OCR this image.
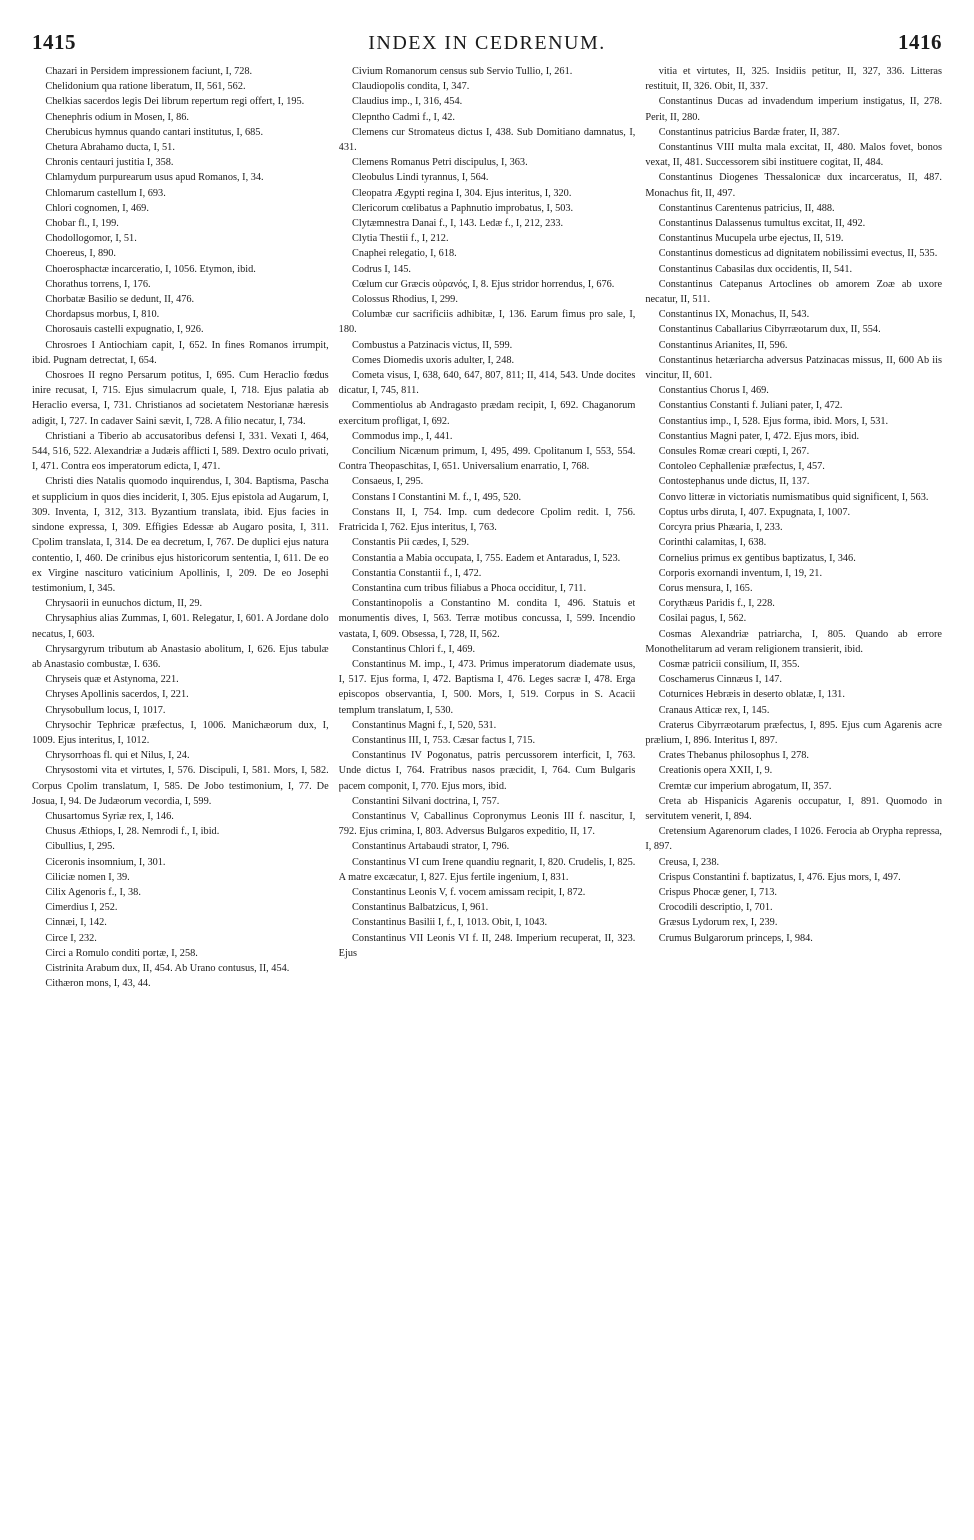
1415	INDEX IN CEDRENUM.	1416

Chazari in Persidem impressionem faciunt, I, 728.

Chelidonium qua ratione liberatum, II, 561, 562.

Chelkias sacerdos legis Dei librum repertum regi offert, I, 195.

Chenephris odium in Mosen, I, 86.

Cherubicus hymnus quando cantari institutus, I, 685.

Chetura Abrahamo ducta, I, 51.

Chronis centauri justitia I, 358.

Chlamydum purpurearum usus apud Romanos, I, 34.

Chlomarum castellum I, 693.

Chlori cognomen, I, 469.

Chobar fl., I, 199.

Chodollogomor, I, 51.

Choereus, I, 890.

Choerosphactæ incarceratio, I, 1056. Etymon, ibid.

Chorathus torrens, I, 176.

Chorbatæ Basilio se dedunt, II, 476.

Chordapsus morbus, I, 810.

Chorosauis castelli expugnatio, I, 926.

Chrosroes I Antiochiam capit, I, 652. In fines Romanos irrumpit, ibid. Pugnam detrectat, I, 654.

Chosroes II regno Persarum potitus, I, 695. Cum Heraclio fœdus inire recusat, I, 715. Ejus simulacrum quale, I, 718. Ejus palatia ab Heraclio eversa, I, 731. Christianos ad societatem Nestorianæ hæresis adigit, I, 727. In cadaver Saini sævit, I, 728. A filio necatur, I, 734.

Christiani a Tiberio ab accusatoribus defensi I, 331. Vexati I, 464, 544, 516, 522. Alexandriæ a Judæis afflicti I, 589. Dextro oculo privati, I, 471. Contra eos imperatorum edicta, I, 471.

Christi dies Natalis quomodo inquirendus, I, 304. Baptisma, Pascha et supplicium in quos dies inciderit, I, 305. Ejus epistola ad Augarum, I, 309. Inventa, I, 312, 313. Byzantium translata, ibid. Ejus facies in sindone expressa, I, 309. Effigies Edessæ ab Augaro posita, I, 311. Cpolim translata, I, 314. De ea decretum, I, 767. De duplici ejus natura contentio, I, 460. De crinibus ejus historicorum sententia, I, 611. De eo ex Virgine nasciturо vaticinium Apollinis, I, 209. De eo Josephi testimonium, I, 345.

Chrysaorii in eunuchos dictum, II, 29.

Chrysaphius alias Zummas, I, 601. Relegatur, I, 601. A Jordane dolo necatus, I, 603.

Chrysargyrum tributum ab Anastasio abolitum, I, 626. Ejus tabulæ ab Anastasio combustæ, I. 636.

Chryseis quæ et Astynoma, 221.

Chryses Apollinis sacerdos, I, 221.

Chrysobullum locus, I, 1017.

Chrysochir Tephricæ præfectus, I, 1006. Manichæorum dux, I, 1009. Ejus interitus, I, 1012.

Chrysorrhoas fl. qui et Nilus, I, 24.

Chrysostomi vita et virtutes, I, 576. Discipuli, I, 581. Mors, I, 582. Corpus Cpolim translatum, I, 585. De Jobo testimonium, I, 77. De Josua, I, 94. De Judæorum vecordia, I, 599.

Chusartomus Syriæ rex, I, 146.

Chusus Æthiops, I, 28. Nemrodi f., I, ibid.

Cibullius, I, 295.

Ciceronis insomnium, I, 301.

Ciliciæ nomen I, 39.

Cilix Agenoris f., I, 38.

Cimerdius I, 252.

Cinnæi, I, 142.

Circe I, 232.

Circi a Romulo conditi portæ, I, 258.

Cistrinita Arabum dux, II, 454. Ab Urano contusus, II, 454.

Cithæron mons, I, 43, 44.

Civium Romanorum census sub Servio Tullio, I, 261.

Claudiopolis condita, I, 347.

Claudius imp., I, 316, 454.

Clepntho Cadmi f., I, 42.

Clemens cur Stromateus dictus I, 438. Sub Domitiano damnatus, I, 431.

Clemens Romanus Petri discipulus, I, 363.

Cleobulus Lindi tyrannus, I, 564.

Cleopatra Ægypti regina I, 304. Ejus interitus, I, 320.

Clericorum cœlibatus a Paphnutio improbatus, I, 503.

Clytæmnestra Danai f., I, 143. Ledæ f., I, 212, 233.

Clytia Thestii f., I, 212.

Cnaphei relegatio, I, 618.

Codrus I, 145.

Cœlum cur Græcis οὐρανός, I, 8. Ejus stridor horrendus, I, 676.

Colossus Rhodius, I, 299.

Columbæ cur sacrificiis adhibitæ, I, 136. Earum fimus pro sale, I, 180.

Combustus a Patzinacis victus, II, 599.

Comes Diomedis uxoris adulter, I, 248.

Cometa visus, I, 638, 640, 647, 807, 811; II, 414, 543. Unde docites dicatur, I, 745, 811.

Commentiolus ab Andragasto prædam recipit, I, 692. Chaganorum exercitum profligat, I, 692.

Commodus imp., I, 441.

Concilium Nicænum primum, I, 495, 499. Cpolitanum I, 553, 554. Contra Theopaschitas, I, 651. Universalium enarratio, I, 768.

Consaeus, I, 295.

Constans I Constantini M. f., I, 495, 520.

Constans II, I, 754. Imp. cum dedecore Cpolim redit. I, 756. Fratricida I, 762. Ejus interitus, I, 763.

Constantis Pii cædes, I, 529.

Constantia a Mabia occupata, I, 755. Eadem et Antaradus, I, 523.

Constantia Constantii f., I, 472.

Constantina cum tribus filiabus a Phoca occiditur, I, 711.

Constantinopolis a Constantino M. condita I, 496. Statuis et monumentis dives, I, 563. Terræ motibus concussa, I, 599. Incendio vastata, I, 609. Obsessa, I, 728, II, 562.

Constantinus Chlori f., I, 469.

Constantinus M. imp., I, 473. Primus imperatorum diademate usus, I, 517. Ejus forma, I, 472. Baptisma I, 476. Leges sacræ I, 478. Erga episcopos observantia, I, 500. Mors, I, 519. Corpus in S. Acacii templum translatum, I, 530.

Constantinus Magni f., I, 520, 531.

Constantinus III, I, 753. Cæsar factus I, 715.

Constantinus IV Pogonatus, patris percussorem interficit, I, 763. Unde dictus I, 764. Fratribus nasos præcidit, I, 764. Cum Bulgaris pacem componit, I, 770. Ejus mors, ibid.

Constantini Silvani doctrina, I, 757.

Constantinus V, Caballinus Copronymus Leonis III f. nascitur, I, 792. Ejus crimina, I, 803. Adversus Bulgaros expeditio, II, 17.

Constantinus Artabaudi strator, I, 796.

Constantinus VI cum Irene quandiu regnarit, I, 820. Crudelis, I, 825. A matre excæcatur, I, 827. Ejus fertile ingenium, I, 831.

Constantinus Leonis V, f. vocem amissam recipit, I, 872.

Constantinus Balbatzicus, I, 961.

Constantinus Basilii I, f., I, 1013. Obit, I, 1043.

Constantinus VII Leonis VI f. II, 248. Imperium recuperat, II, 323. Ejus

vitia et virtutes, II, 325. Insidiis petitur, II, 327, 336. Litteras restituit, II, 326. Obit, II, 337.

Constantinus Ducas ad invadendum imperium instigatus, II, 278. Perit, II, 280.

Constantinus patricius Bardæ frater, II, 387.

Constantinus VIII multa mala excitat, II, 480. Malos fovet, bonos vexat, II, 481. Successorem sibi instituere cogitat, II, 484.

Constantinus Diogenes Thessalonicæ dux incarceratus, II, 487. Monachus fit, II, 497.

Constantinus Carentenus patricius, II, 488.

Constantinus Dalassenus tumultus excitat, II, 492.

Constantinus Mucupela urbe ejectus, II, 519.

Constantinus domesticus ad dignitatem nobilissimi evectus, II, 535.

Constantinus Cabasilas dux occidentis, II, 541.

Constantinus Catepanus Artoclines ob amorem Zoæ ab uxore necatur, II, 511.

Constantinus IX, Monachus, II, 543.

Constantinus Caballarius Cibyrræotarum dux, II, 554.

Constantinus Arianites, II, 596.

Constantinus hetæriarcha adversus Patzinacas missus, II, 600 Ab iis vincitur, II, 601.

Constantius Chorus I, 469.

Constantius Constanti f. Juliani pater, I, 472.

Constantius imp., I, 528. Ejus forma, ibid. Mors, I, 531.

Constantius Magni pater, I, 472. Ejus mors, ibid.

Consules Romæ creari cœpti, I, 267.

Contoleo Cephalleniæ præfectus, I, 457.

Contostephanus unde dictus, II, 137.

Convo litteræ in victoriatis numismatibus quid significent, I, 563.

Coptus urbs diruta, I, 407. Expugnata, I, 1007.

Corcyra prius Phæaria, I, 233.

Corinthi calamitas, I, 638.

Cornelius primus ex gentibus baptizatus, I, 346.

Corporis exornandi inventum, I, 19, 21.

Corus mensura, I, 165.

Corythæus Paridis f., I, 228.

Cosilai pagus, I, 562.

Cosmas Alexandriæ patriarcha, I, 805. Quando ab errore Monothelitarum ad veram religionem transierit, ibid.

Cosmæ patricii consilium, II, 355.

Coschamerus Cinnæus I, 147.

Coturnices Hebræis in deserto oblatæ, I, 131.

Cranaus Atticæ rex, I, 145.

Craterus Cibyrræotarum præfectus, I, 895. Ejus cum Agarenis acre prælium, I, 896. Interitus I, 897.

Crates Thebanus philosophus I, 278.

Creationis opera XXII, I, 9.

Cremtæ cur imperium abrogatum, II, 357.

Creta ab Hispanicis Agarenis occupatur, I, 891. Quomodo in servitutem venerit, I, 894.

Cretensium Agarenorum clades, I 1026. Ferocia ab Orypha repressa, I, 897.

Creusa, I, 238.

Crispus Constantini f. baptizatus, I, 476. Ejus mors, I, 497.

Crispus Phocæ gener, I, 713.

Crocodili descriptio, I, 701.

Græsus Lydorum rex, I, 239.

Crumus Bulgarorum princeps, I, 984.
